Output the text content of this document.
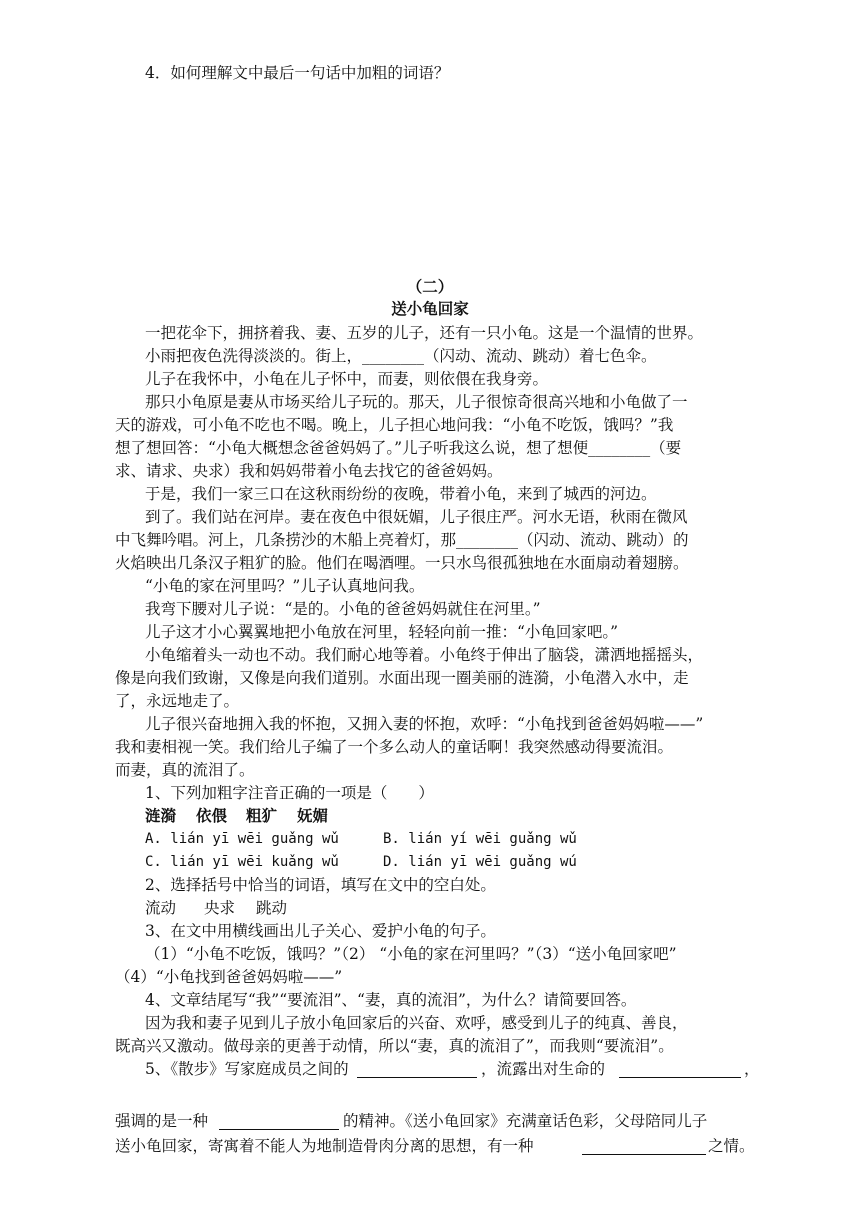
4．如何理解文中最后一句话中加粗的词语？
（二）
送小龟回家
一把花伞下，拥挤着我、妻、五岁的儿子，还有一只小龟。这是一个温情的世界。
小雨把夜色洗得淡淡的。街上，________（闪动、流动、跳动）着七色伞。
儿子在我怀中，小龟在儿子怀中，而妻，则依偎在我身旁。
那只小龟原是妻从市场买给儿子玩的。那天，儿子很惊奇很高兴地和小龟做了一
天的游戏，可小龟不吃也不喝。晚上，儿子担心地问我：“小龟不吃饭，饿吗？”我
想了想回答：“小龟大概想念爸爸妈妈了。”儿子听我这么说，想了想便________（要
求、请求、央求）我和妈妈带着小龟去找它的爸爸妈妈。
于是，我们一家三口在这秋雨纷纷的夜晚，带着小龟，来到了城西的河边。
到了。我们站在河岸。妻在夜色中很妩媚，儿子很庄严。河水无语，秋雨在微风
中飞舞吟唱。河上，几条捞沙的木船上亮着灯，那________（闪动、流动、跳动）的
火焰映出几条汉子粗犷的脸。他们在喝酒哩。一只水鸟很孤独地在水面扇动着翅膀。
“小龟的家在河里吗？”儿子认真地问我。
我弯下腰对儿子说：“是的。小龟的爸爸妈妈就住在河里。”
儿子这才小心翼翼地把小龟放在河里，轻轻向前一推：“小龟回家吧。”
小龟缩着头一动也不动。我们耐心地等着。小龟终于伸出了脑袋，潇洒地摇摇头，
像是向我们致谢，又像是向我们道别。水面出现一圈美丽的涟漪，小龟潜入水中，走
了，永远地走了。
儿子很兴奋地拥入我的怀抱，又拥入妻的怀抱，欢呼：“小龟找到爸爸妈妈啦——”
我和妻相视一笑。我们给儿子编了一个多么动人的童话啊！我突然感动得要流泪。
而妻，真的流泪了。
1、下列加粗字注音正确的一项是（　　）
涟漪 依偎 粗犷 妩媚
A. lián yī wēi guǎng wǔ	B. lián yí wēi guǎng wǔ
C. lián yī wēi kuǎng wǔ	D. lián yī wēi guǎng wú
2、选择括号中恰当的词语，填写在文中的空白处。
流动 央求 跳动
3、在文中用横线画出儿子关心、爱护小龟的句子。
（1）“小龟不吃饭，饿吗？”（2） “小龟的家在河里吗？”（3）“送小龟回家吧”
（4）“小龟找到爸爸妈妈啦——”
4、文章结尾写“我”“要流泪”、“妻，真的流泪”，为什么？请简要回答。
因为我和妻子见到儿子放小龟回家后的兴奋、欢呼，感受到儿子的纯真、善良，
既高兴又激动。做母亲的更善于动情，所以“妻，真的流泪了”，而我则“要流泪”。
5、《散步》写家庭成员之间的	，流露出对生命的	，
强调的是一种	的精神。《送小龟回家》充满童话色彩，父母陪同儿子
送小龟回家，寄寓着不能人为地制造骨肉分离的思想，有一种	之情。
